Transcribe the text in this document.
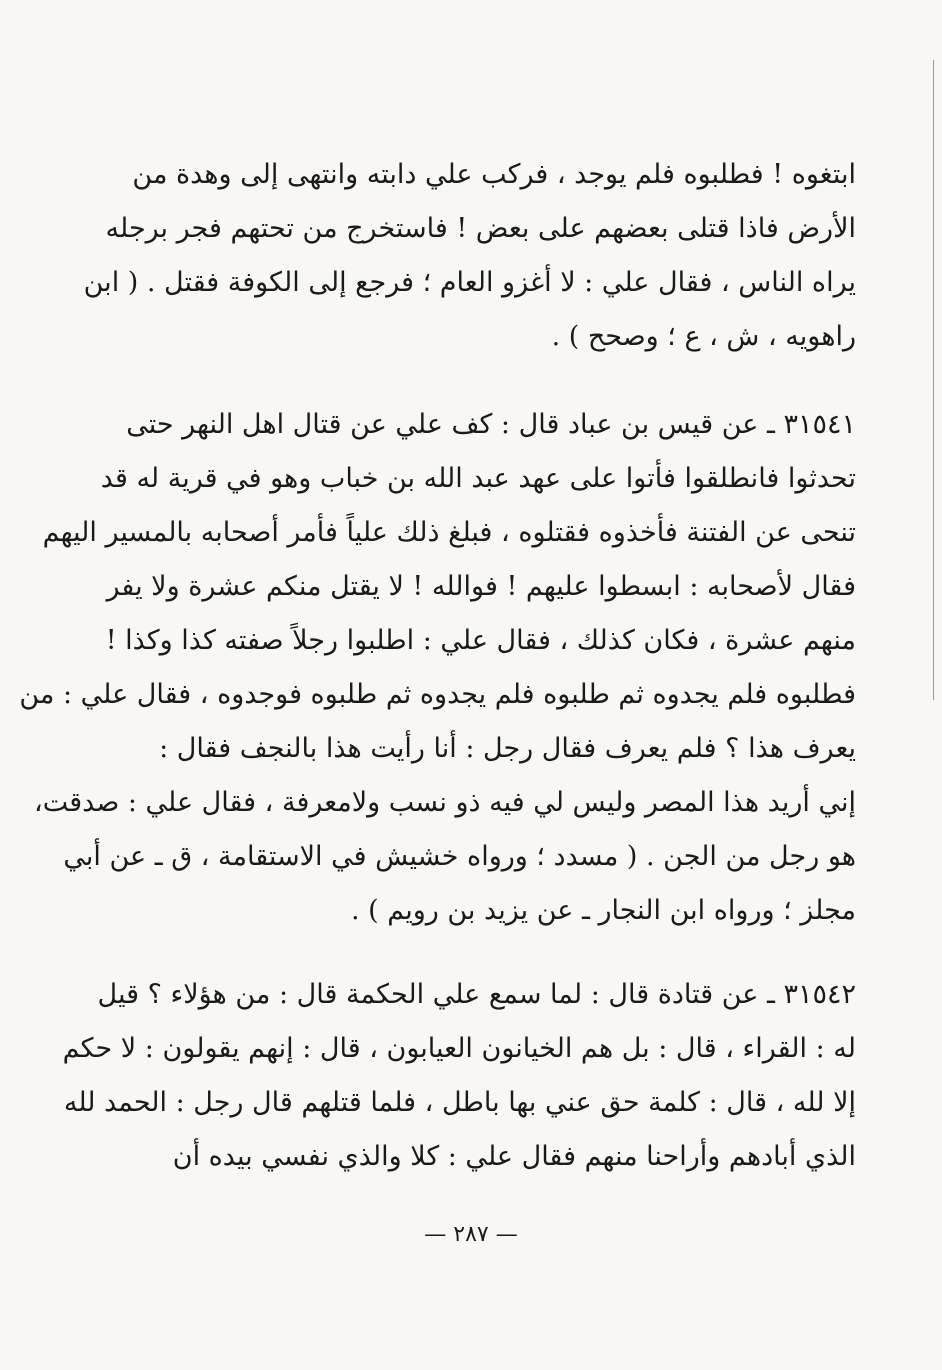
ابتغوه ! فطلبوه فلم يوجد ، فركب علي دابته وانتهى إلى وهدة من
الأرض فاذا قتلى بعضهم على بعض ! فاستخرج من تحتهم فجر برجله
يراه الناس ، فقال علي : لا أغزو العام ؛ فرجع إلى الكوفة فقتل . ( ابن
راهويه ، ش ، ع ؛ وصحح ) .
٣١٥٤١ ـ عن قيس بن عباد قال : كف علي عن قتال اهل النهر حتى
تحدثوا فانطلقوا فأتوا على عهد عبد الله بن خباب وهو في قرية له قد
تنحى عن الفتنة فأخذوه فقتلوه ، فبلغ ذلك علياً فأمر أصحابه بالمسير اليهم
فقال لأصحابه : ابسطوا عليهم ! فوالله ! لا يقتل منكم عشرة ولا يفر
منهم عشرة ، فكان كذلك ، فقال علي : اطلبوا رجلاً صفته كذا وكذا !
فطلبوه فلم يجدوه ثم طلبوه فلم يجدوه ثم طلبوه فوجدوه ، فقال علي : من
يعرف هذا ؟ فلم يعرف فقال رجل : أنا رأيت هذا بالنجف فقال :
إني أريد هذا المصر وليس لي فيه ذو نسب ولامعرفة ، فقال علي : صدقت،
هو رجل من الجن . ( مسدد ؛ ورواه خشيش في الاستقامة ، ق ـ عن أبي
مجلز ؛ ورواه ابن النجار ـ عن يزيد بن رويم ) .
٣١٥٤٢ ـ عن قتادة قال : لما سمع علي الحكمة قال : من هؤلاء ؟ قيل
له : القراء ، قال : بل هم الخيانون العيابون ، قال : إنهم يقولون : لا حكم
إلا لله ، قال : كلمة حق عني بها باطل ، فلما قتلهم قال رجل : الحمد لله
الذي أبادهم وأراحنا منهم فقال علي : كلا والذي نفسي بيده أن
— ٢٨٧ —
